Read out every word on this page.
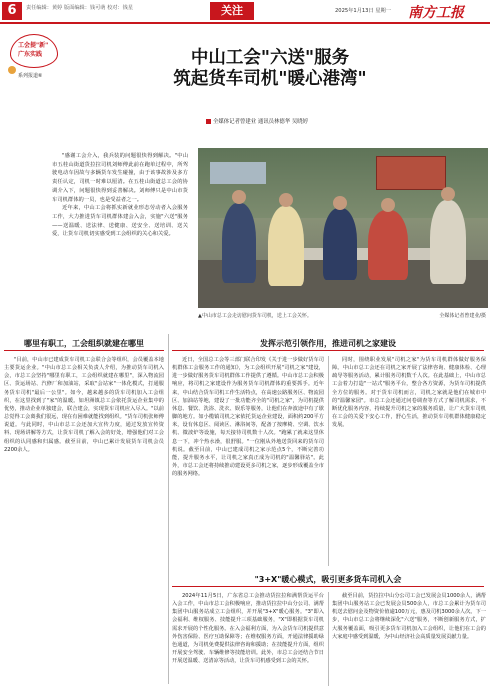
6	责任编辑：黄婷 版面编辑：钱可萌 校对：钱星	关注	2025年1月13日 星期一 南方工报
工会提"新"
广东实践
系列报道⑥
中山工会"六送"服务
筑起货车司机"暖心港湾"
全媒体记者曾建业 通讯员林德华 吴晓婷

"感谢工会介入，我兵装的问题很快得到解决。"中山市五桂山街道货拉拉司机刘师傅此前在跑单过程中，所驾驶电动车因故与多辆货车发生碰撞，由于该事故涉及多方责任认定，司机一时难以厘清。在五桂山街道总工会的协调介入下，问题很快得到妥善解决。刘师傅只是中山市货车司机群体的一员，也是受益者之一。

近年来，中山工会将抓实新就业形态劳动者入会服务工作，大力推进货车司机群体建会入会，实施"六送"服务——送温暖、送法律、送健康、送安全、送培训、送关爱，让货车司机切实感受到工会组织的关心和关爱。

▲中山市总工会走访慰问货车司机，送上工会关怀。	全媒体记者曾建业/摄
哪里有职工，工会组织就建在哪里

"目前，中山市已建成货车司机工会联合会等组织，会员覆盖本地主要货运企业。"中山市总工会相关负责人介绍，为推动货车司机入会，市总工会坚持"哪里有职工，工会组织就建在哪里"，深入物流园区、货运场站、汽修厂和加油站，采取"会站家"一体化模式，打通服务货车司机"最后一公里"。如今，越来越多的货车司机加入工会组织，在这里找到了"家"的温暖。如坦洲镇总工会依托货运企业集中的优势，推动企业单独建会，联合建会，实现货车司机应入尽入。"以前总觉得工会离我们很远，现在有困难就能找到组织。"货车司机张师傅说道。与此同时，中山市总工会还加大宣传力度，通过发放宣传资料、现场讲解等方式，让货车司机了解入会的好处，增强他们对工会组织的认同感和归属感。截至目前，中山已累计发展货车司机会员2200余人。

发挥示范引领作用，推进司机之家建设

近日，全国总工会等三部门联合印发《关于进一步做好货车司机群体工会服务工作的通知》，为工会组织开展"司机之家"建设，进一步做好服务货车司机群体工作提供了遵循。中山市总工会积极响应，将司机之家建设作为服务货车司机群体的重要抓手。近年来，中山结合货车司机工作生活特点，在高速公路服务区、物流园区、加油站等地，建设了一批功能齐全的"司机之家"，为司机提供休息、餐饮、洗浴、洗衣、娱乐等服务，让他们在奔波途中有了歇脚的地方。如小榄镇司机之家依托货运企业建设，面积约200平方米，设有休息区、阅读区、淋浴间等，配备了按摩椅、空调、饮水机、微波炉等设施，每天接待司机数十人次。"跑累了就来这里休息一下，冲个热水澡，很舒服。"一位刚从外地送货回来的货车司机说。截至目前，中山已建成司机之家示范点5个，不断完善功能，提升服务水平，让司机之家真正成为司机的"温馨驿站"。此外，市总工会还将持续推动建设更多司机之家，逐步形成覆盖全市的服务网络。

同时，围绕职业发展"司机之家"为货车司机群体做好服务保障。中山市总工会还在司机之家开展了法律咨询、健康体检、心理疏导等服务活动，累计服务司机数千人次。在此基础上，中山市总工会着力打造"一站式"服务平台，整合各方资源，为货车司机提供全方位的服务。对于货车司机而言，司机之家就是他们在城市中的"温馨家园"。市总工会还通过问卷调查等方式了解司机需求，不断优化服务内容，持续提升司机之家的服务质量，让广大货车司机在工会的关爱下安心工作，舒心生活，推动货车司机群体健康稳定发展。

"3+X"暖心模式，吸引更多货车司机入会

2024年11月5日，广东省总工会推动货拉拉和满帮货运平台入会工作，中山市总工会积极响应，推动货拉拉中山分公司、满帮集团中山服务站成立工会组织，并开展"3+X"暖心服务。"3"即入会福利、维权服务、技能提升三项基础服务，"X"即根据货车司机需求开展的个性化服务。在入会福利方面，为入会货车司机提供意外伤害保险、医疗互助保障等；在维权服务方面，开通法律援助绿色通道，为司机免费提供法律咨询和援助；在技能提升方面，组织开展安全驾驶、车辆维修等技能培训。此外，市总工会还结合节日开展送温暖、送清凉等活动，让货车司机感受到工会的关怀。

截至目前，货拉拉中山分公司工会已发展会员1000余人，满帮集团中山服务站工会已发展会员500余人，市总工会累计为货车司机送去慰问金及物资价值逾100万元，惠及司机3000余人次。下一步，中山市总工会将继续深化"六送"服务，不断创新服务方式，扩大服务覆盖面，吸引更多货车司机加入工会组织，让他们在工会的大家庭中感受到温暖，为中山经济社会高质量发展贡献力量。
